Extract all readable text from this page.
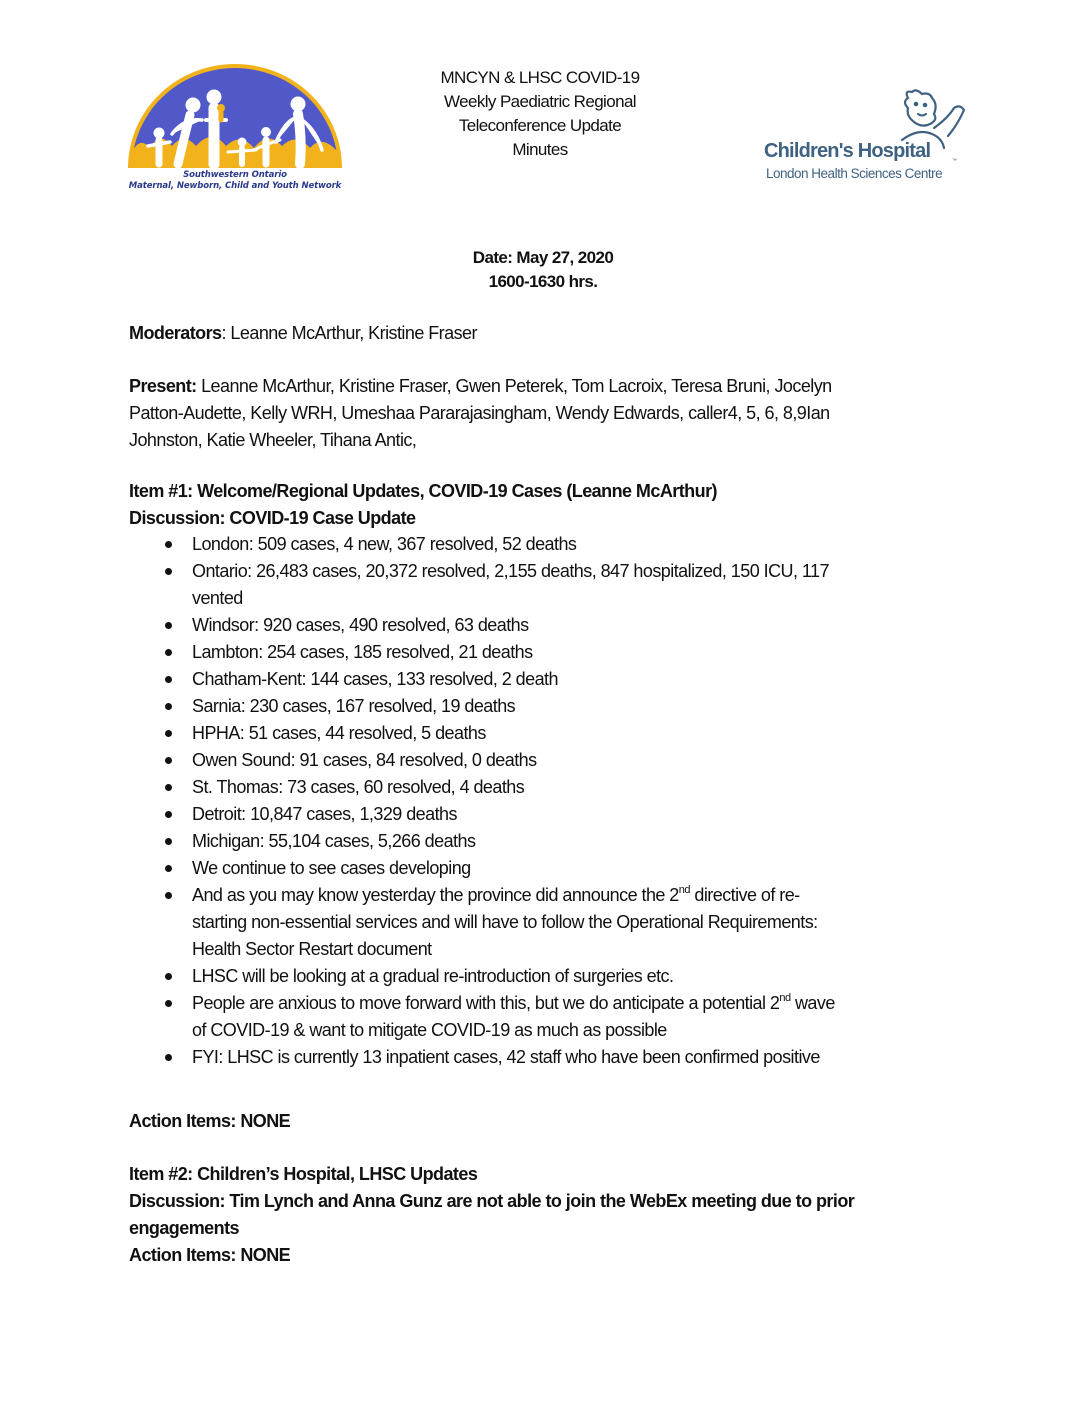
Southwestern Ontario
Maternal, Newborn, Child and Youth Network
MNCYN & LHSC COVID-19
Weekly Paediatric Regional
Teleconference Update
Minutes	Children's Hospital	™
London Health Sciences Centre
Date: May 27, 2020
1600-1630 hrs.
Moderators: Leanne McArthur, Kristine Fraser
Present: Leanne McArthur, Kristine Fraser, Gwen Peterek, Tom Lacroix, Teresa Bruni, Jocelyn
Patton-Audette, Kelly WRH, Umeshaa Pararajasingham, Wendy Edwards, caller4, 5, 6, 8,9Ian
Johnston, Katie Wheeler, Tihana Antic,
Item #1: Welcome/Regional Updates, COVID-19 Cases (Leanne McArthur)
Discussion: COVID-19 Case Update
London: 509 cases, 4 new, 367 resolved, 52 deaths
Ontario: 26,483 cases, 20,372 resolved, 2,155 deaths, 847 hospitalized, 150 ICU, 117
vented
Windsor: 920 cases, 490 resolved, 63 deaths
Lambton: 254 cases, 185 resolved, 21 deaths
Chatham-Kent: 144 cases, 133 resolved, 2 death
Sarnia: 230 cases, 167 resolved, 19 deaths
HPHA: 51 cases, 44 resolved, 5 deaths
Owen Sound: 91 cases, 84 resolved, 0 deaths
St. Thomas: 73 cases, 60 resolved, 4 deaths
Detroit: 10,847 cases, 1,329 deaths
Michigan: 55,104 cases, 5,266 deaths
We continue to see cases developing
And as you may know yesterday the province did announce the 2nd directive of re-
starting non-essential services and will have to follow the Operational Requirements:
Health Sector Restart document
LHSC will be looking at a gradual re-introduction of surgeries etc.
People are anxious to move forward with this, but we do anticipate a potential 2nd wave
of COVID-19 & want to mitigate COVID-19 as much as possible
FYI: LHSC is currently 13 inpatient cases, 42 staff who have been confirmed positive
Action Items: NONE
Item #2: Children’s Hospital, LHSC Updates
Discussion: Tim Lynch and Anna Gunz are not able to join the WebEx meeting due to prior
engagements
Action Items: NONE
